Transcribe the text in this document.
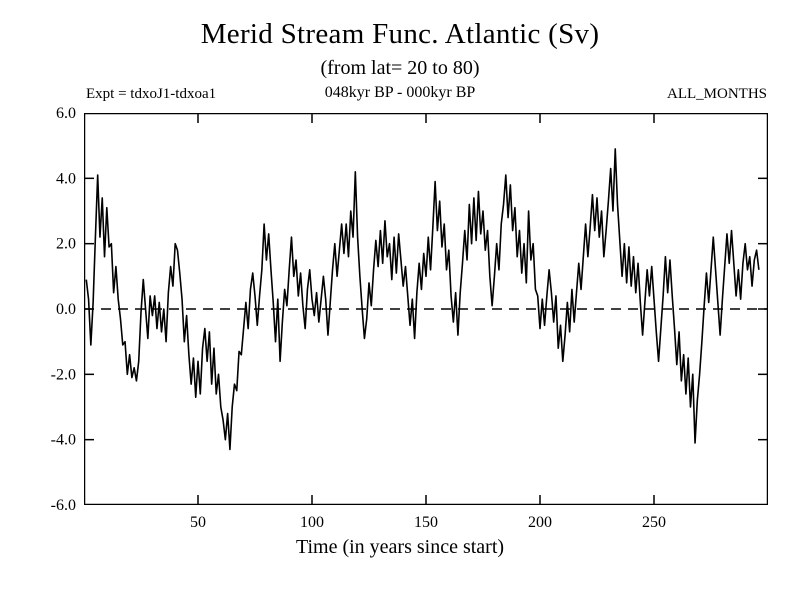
Merid Stream Func. Atlantic (Sv)
(from lat= 20 to 80)
Expt = tdxoJ1-tdxoa1	048kyr BP - 000kyr BP	ALL_MONTHS
-6.0
-4.0
-2.0
0.0
2.0
4.0
6.0
50	100	150	200	250
Time (in years since start)
